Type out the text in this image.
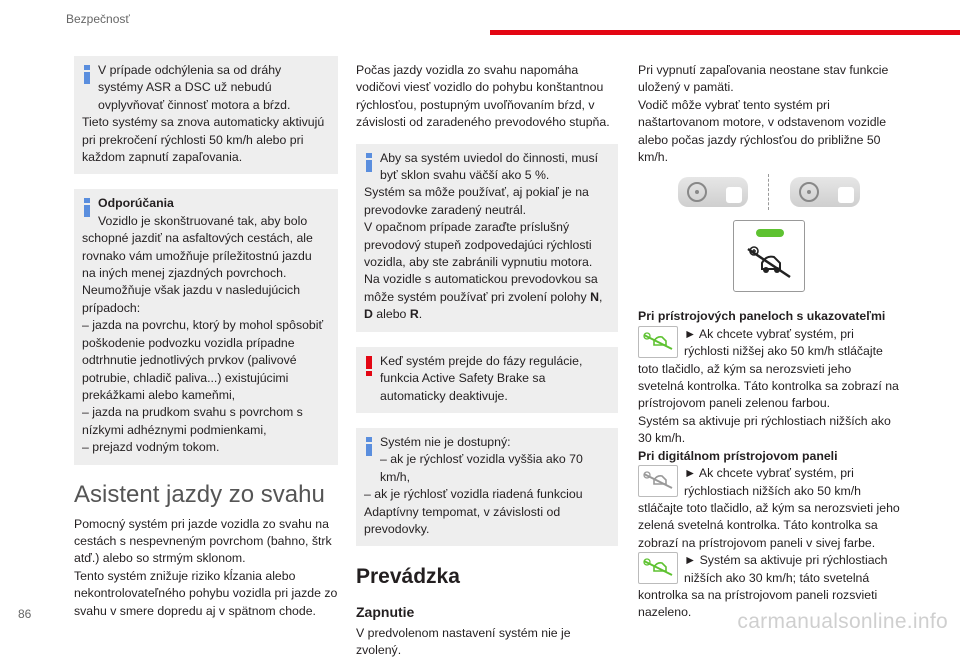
Bezpečnosť

V prípade odchýlenia sa od dráhy systémy ASR a DSC už nebudú ovplyvňovať činnosť motora a bŕzd.

Tieto systémy sa znova automaticky aktivujú pri prekročení rýchlosti 50 km/h alebo pri každom zapnutí zapaľovania.

Odporúčania

Vozidlo je skonštruované tak, aby bolo schopné jazdiť na asfaltových cestách, ale rovnako vám umožňuje príležitostnú jazdu na iných menej zjazdných povrchoch. Neumožňuje však jazdu v nasledujúcich prípadoch:

– jazda na povrchu, ktorý by mohol spôsobiť poškodenie podvozku vozidla prípadne odtrhnutie jednotlivých prvkov (palivové potrubie, chladič paliva...) existujúcimi prekážkami alebo kameňmi,

– jazda na prudkom svahu s povrchom s nízkymi adhéznymi podmienkami,

– prejazd vodným tokom.

Asistent jazdy zo svahu

Pomocný systém pri jazde vozidla zo svahu na cestách s nespevneným povrchom (bahno, štrk atď.) alebo so strmým sklonom.

Tento systém znižuje riziko kĺzania alebo nekontrolovateľného pohybu vozidla pri jazde zo svahu v smere dopredu aj v spätnom chode.

Počas jazdy vozidla zo svahu napomáha vodičovi viesť vozidlo do pohybu konštantnou rýchlosťou, postupným uvoľňovaním bŕzd, v závislosti od zaradeného prevodového stupňa.

Aby sa systém uviedol do činnosti, musí byť sklon svahu väčší ako 5 %.

Systém sa môže používať, aj pokiaľ je na prevodovke zaradený neutrál.

V opačnom prípade zaraďte príslušný prevodový stupeň zodpovedajúci rýchlosti vozidla, aby ste zabránili vypnutiu motora.

Na vozidle s automatickou prevodovkou sa môže systém používať pri zvolení polohy N, D alebo R.

Keď systém prejde do fázy regulácie, funkcia Active Safety Brake sa automaticky deaktivuje.

Systém nie je dostupný:

– ak je rýchlosť vozidla vyššia ako 70 km/h,

– ak je rýchlosť vozidla riadená funkciou Adaptívny tempomat, v závislosti od prevodovky.

Prevádzka
Zapnutie

V predvolenom nastavení systém nie je zvolený.

Pri vypnutí zapaľovania neostane stav funkcie uložený v pamäti.

Vodič môže vybrať tento systém pri naštartovanom motore, v odstavenom vozidle alebo počas jazdy rýchlosťou do približne 50 km/h.

Pri prístrojových paneloch s ukazovateľmi

► Ak chcete vybrať systém, pri rýchlosti nižšej ako 50 km/h stláčajte toto tlačidlo, až kým sa nerozsvieti jeho svetelná kontrolka. Táto kontrolka sa zobrazí na prístrojovom paneli zelenou farbou.

Systém sa aktivuje pri rýchlostiach nižších ako 30 km/h.

Pri digitálnom prístrojovom paneli

► Ak chcete vybrať systém, pri rýchlostiach nižších ako 50 km/h stláčajte toto tlačidlo, až kým sa nerozsvieti jeho zelená svetelná kontrolka. Táto kontrolka sa zobrazí na prístrojovom paneli v sivej farbe.

► Systém sa aktivuje pri rýchlostiach nižších ako 30 km/h; táto svetelná kontrolka sa na prístrojovom paneli rozsvieti nazeleno.

86	carmanualsonline.info
